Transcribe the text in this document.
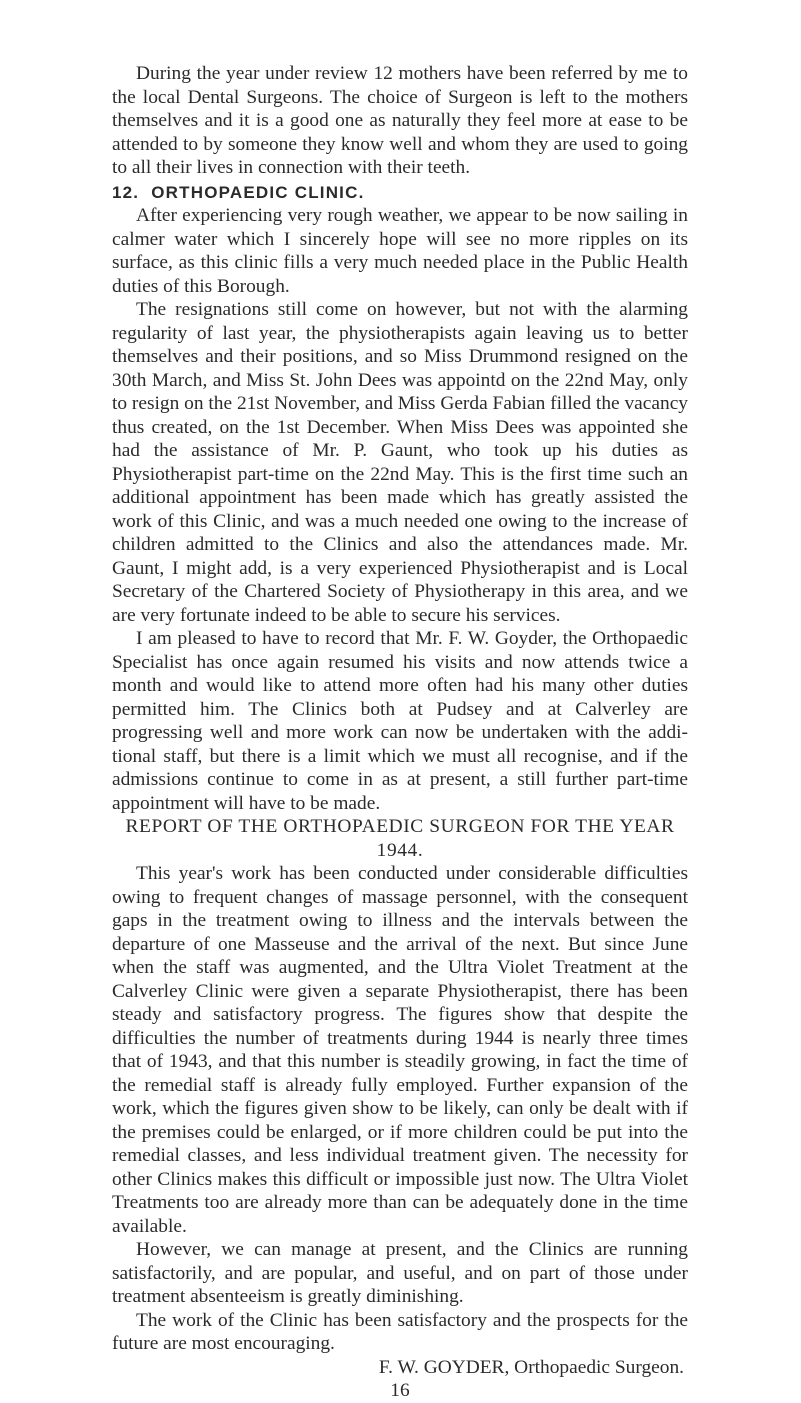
During the year under review 12 mothers have been referred by me to the local Dental Surgeons. The choice of Surgeon is left to the mothers themselves and it is a good one as naturally they feel more at ease to be attended to by someone they know well and whom they are used to going to all their lives in connection with their teeth.

12. ORTHOPAEDIC CLINIC.

After experiencing very rough weather, we appear to be now sailing in calmer water which I sincerely hope will see no more ripples on its surface, as this clinic fills a very much needed place in the Public Health duties of this Borough.

The resignations still come on however, but not with the alarming regularity of last year, the physiotherapists again leaving us to better themselves and their positions, and so Miss Drummond resigned on the 30th March, and Miss St. John Dees was appointd on the 22nd May, only to resign on the 21st November, and Miss Gerda Fabian filled the vacancy thus created, on the 1st December. When Miss Dees was appointed she had the assistance of Mr. P. Gaunt, who took up his duties as Physiotherapist part-time on the 22nd May. This is the first time such an additional appointment has been made which has greatly assisted the work of this Clinic, and was a much needed one owing to the increase of children admitted to the Clinics and also the attendances made. Mr. Gaunt, I might add, is a very experienced Physiotherapist and is Local Secretary of the Chartered Society of Physiotherapy in this area, and we are very fortunate indeed to be able to secure his services.

I am pleased to have to record that Mr. F. W. Goyder, the Orthopaedic Specialist has once again resumed his visits and now attends twice a month and would like to attend more often had his many other duties permitted him. The Clinics both at Pudsey and at Calverley are progressing well and more work can now be undertaken with the additional staff, but there is a limit which we must all recognise, and if the admissions continue to come in as at present, a still further part-time appointment will have to be made.

REPORT OF THE ORTHOPAEDIC SURGEON FOR THE YEAR 1944.

This year's work has been conducted under considerable difficulties owing to frequent changes of massage personnel, with the consequent gaps in the treatment owing to illness and the intervals between the departure of one Masseuse and the arrival of the next. But since June when the staff was augmented, and the Ultra Violet Treatment at the Calverley Clinic were given a separate Physiotherapist, there has been steady and satisfactory progress. The figures show that despite the difficulties the number of treatments during 1944 is nearly three times that of 1943, and that this number is steadily growing, in fact the time of the remedial staff is already fully employed. Further expansion of the work, which the figures given show to be likely, can only be dealt with if the premises could be enlarged, or if more children could be put into the remedial classes, and less individual treatment given. The necessity for other Clinics makes this difficult or impossible just now. The Ultra Violet Treatments too are already more than can be adequately done in the time available.

However, we can manage at present, and the Clinics are running satisfactorily, and are popular, and useful, and on part of those under treatment absenteeism is greatly diminishing.

The work of the Clinic has been satisfactory and the prospects for the future are most encouraging.

F. W. GOYDER, Orthopaedic Surgeon.

16
